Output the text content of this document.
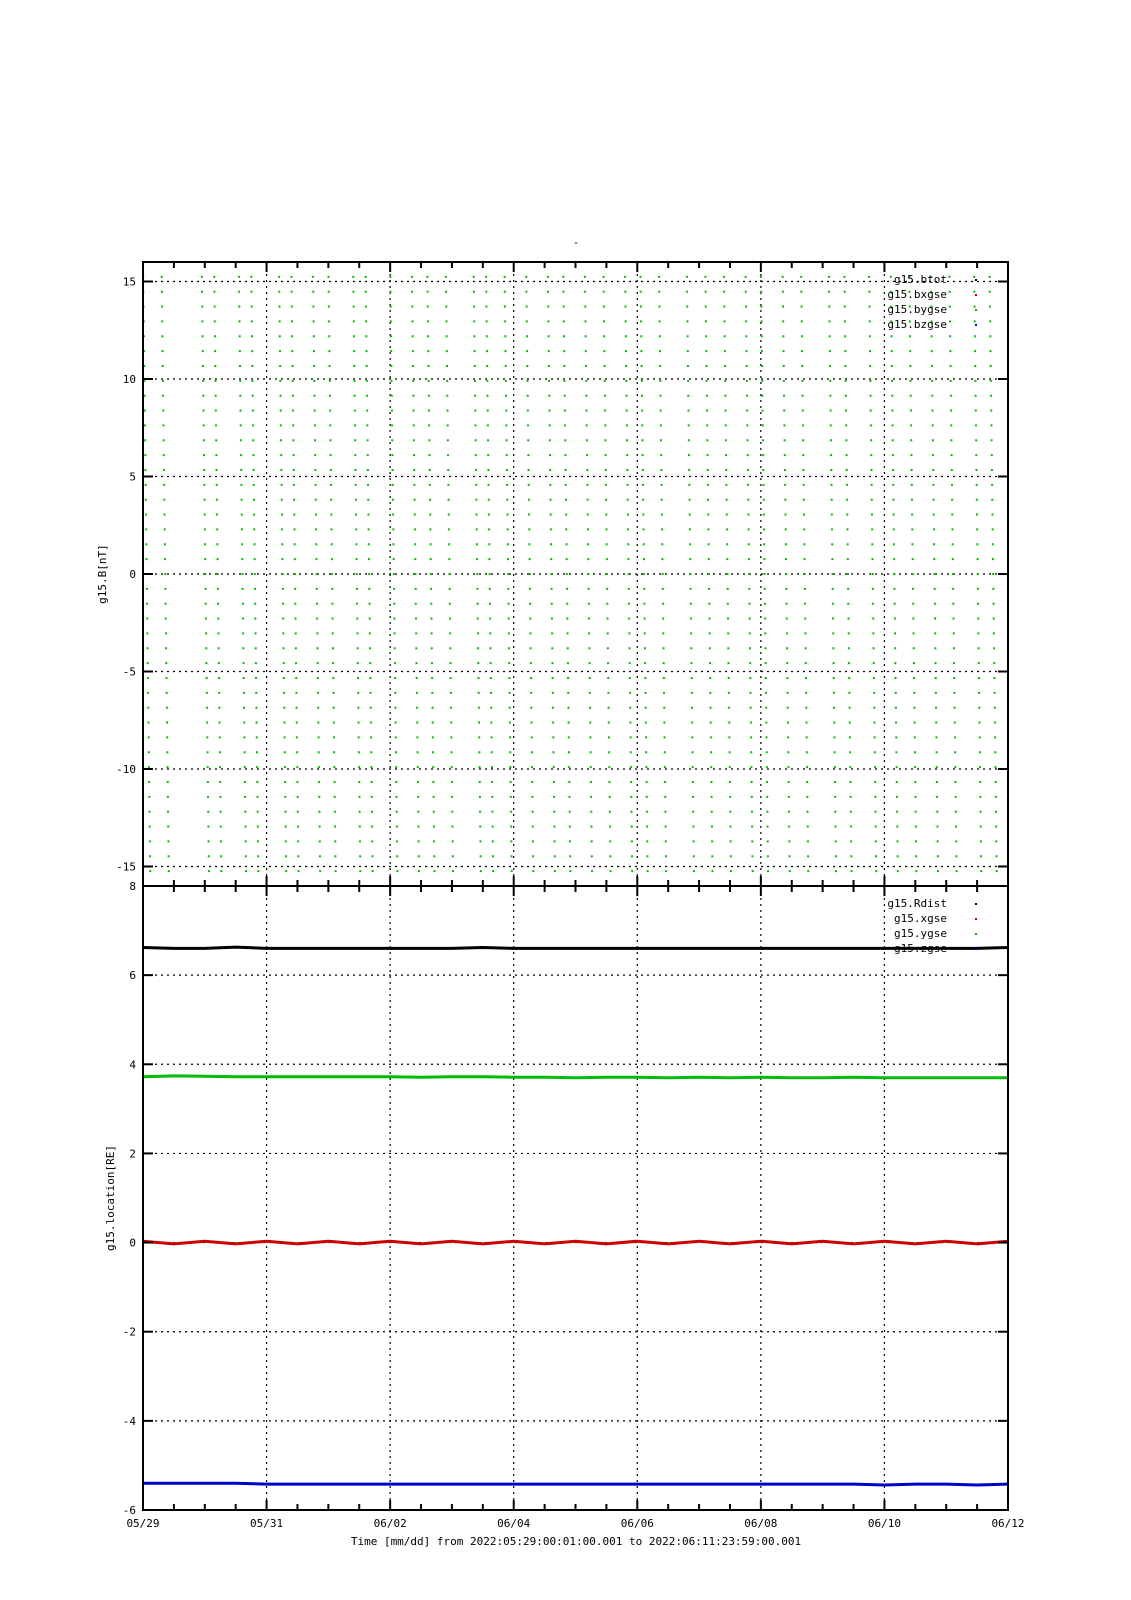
-
15
10
5
0
-5
-10
-15
g15.B[nT]
g15.btot
g15.bxgse
g15.bygse
g15.bzgse
8
6
4
2
0
-2
-4
-6
g15.location[RE]
g15.Rdist
g15.xgse
g15.ygse
g15.zgse
05/29	05/31	06/02	06/04	06/06	06/08	06/10	06/12
Time [mm/dd] from 2022:05:29:00:01:00.001 to 2022:06:11:23:59:00.001
